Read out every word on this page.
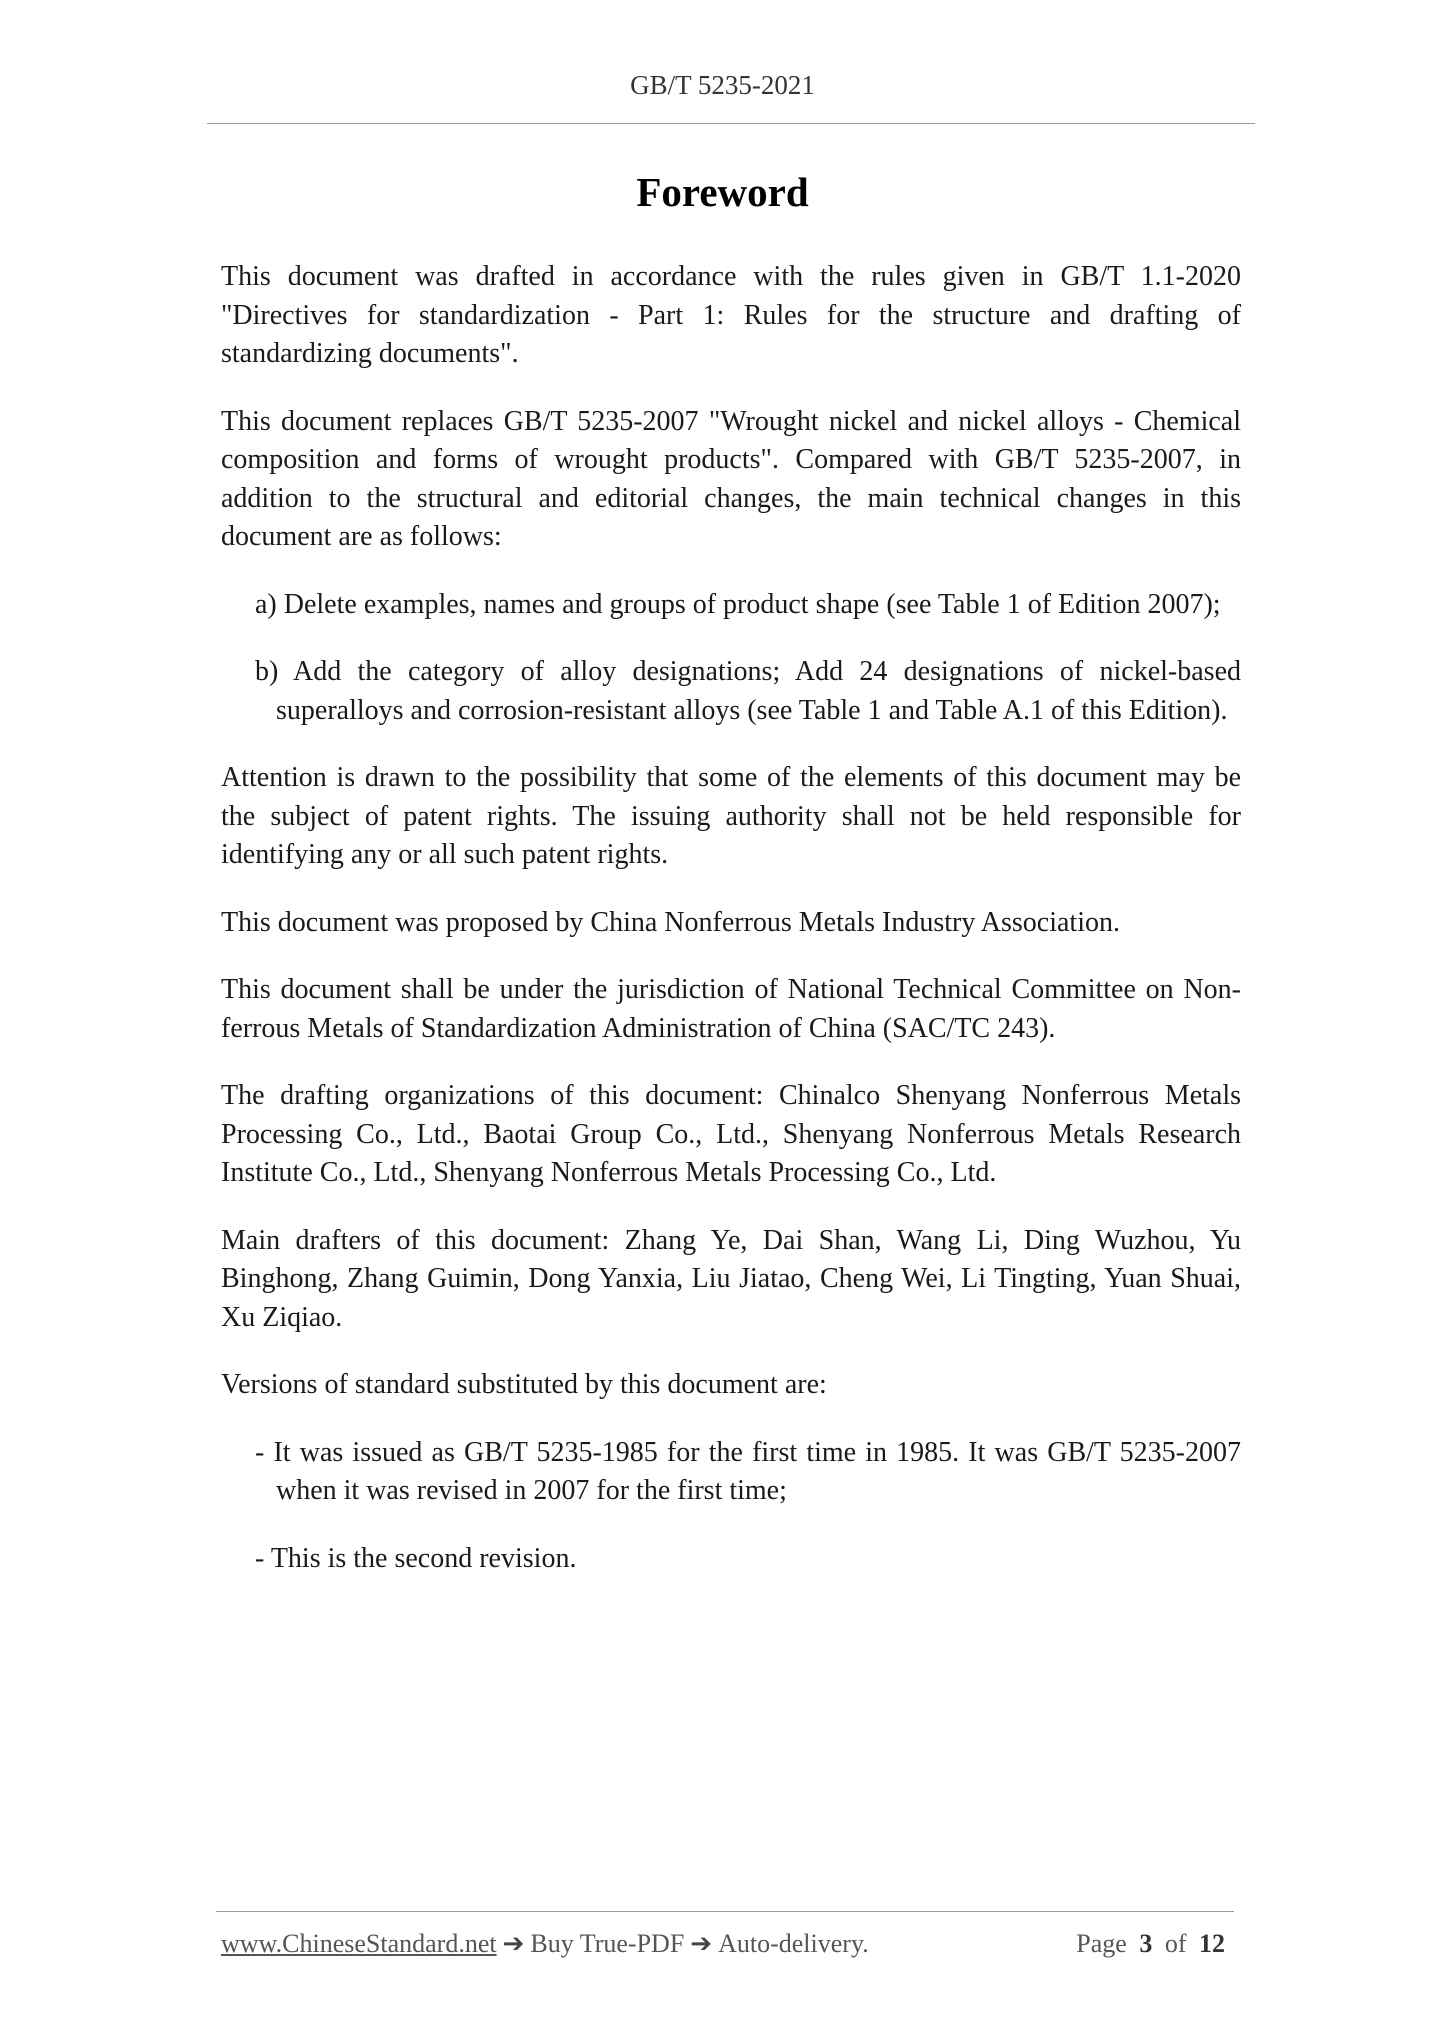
GB/T 5235-2021
Foreword

This document was drafted in accordance with the rules given in GB/T 1.1-2020 "Directives for standardization - Part 1: Rules for the structure and drafting of standardizing documents".

This document replaces GB/T 5235-2007 "Wrought nickel and nickel alloys - Chemical composition and forms of wrought products". Compared with GB/T 5235-2007, in addition to the structural and editorial changes, the main technical changes in this document are as follows:

a) Delete examples, names and groups of product shape (see Table 1 of Edition 2007);

b) Add the category of alloy designations; Add 24 designations of nickel-based superalloys and corrosion-resistant alloys (see Table 1 and Table A.1 of this Edition).

Attention is drawn to the possibility that some of the elements of this document may be the subject of patent rights. The issuing authority shall not be held responsible for identifying any or all such patent rights.

This document was proposed by China Nonferrous Metals Industry Association.

This document shall be under the jurisdiction of National Technical Committee on Non-ferrous Metals of Standardization Administration of China (SAC/TC 243).

The drafting organizations of this document: Chinalco Shenyang Nonferrous Metals Processing Co., Ltd., Baotai Group Co., Ltd., Shenyang Nonferrous Metals Research Institute Co., Ltd., Shenyang Nonferrous Metals Processing Co., Ltd.

Main drafters of this document: Zhang Ye, Dai Shan, Wang Li, Ding Wuzhou, Yu Binghong, Zhang Guimin, Dong Yanxia, Liu Jiatao, Cheng Wei, Li Tingting, Yuan Shuai, Xu Ziqiao.

Versions of standard substituted by this document are:

- It was issued as GB/T 5235-1985 for the first time in 1985. It was GB/T 5235-2007 when it was revised in 2007 for the first time;

- This is the second revision.

www.ChineseStandard.net ➔ Buy True-PDF ➔ Auto-delivery.	Page 3 of 12
